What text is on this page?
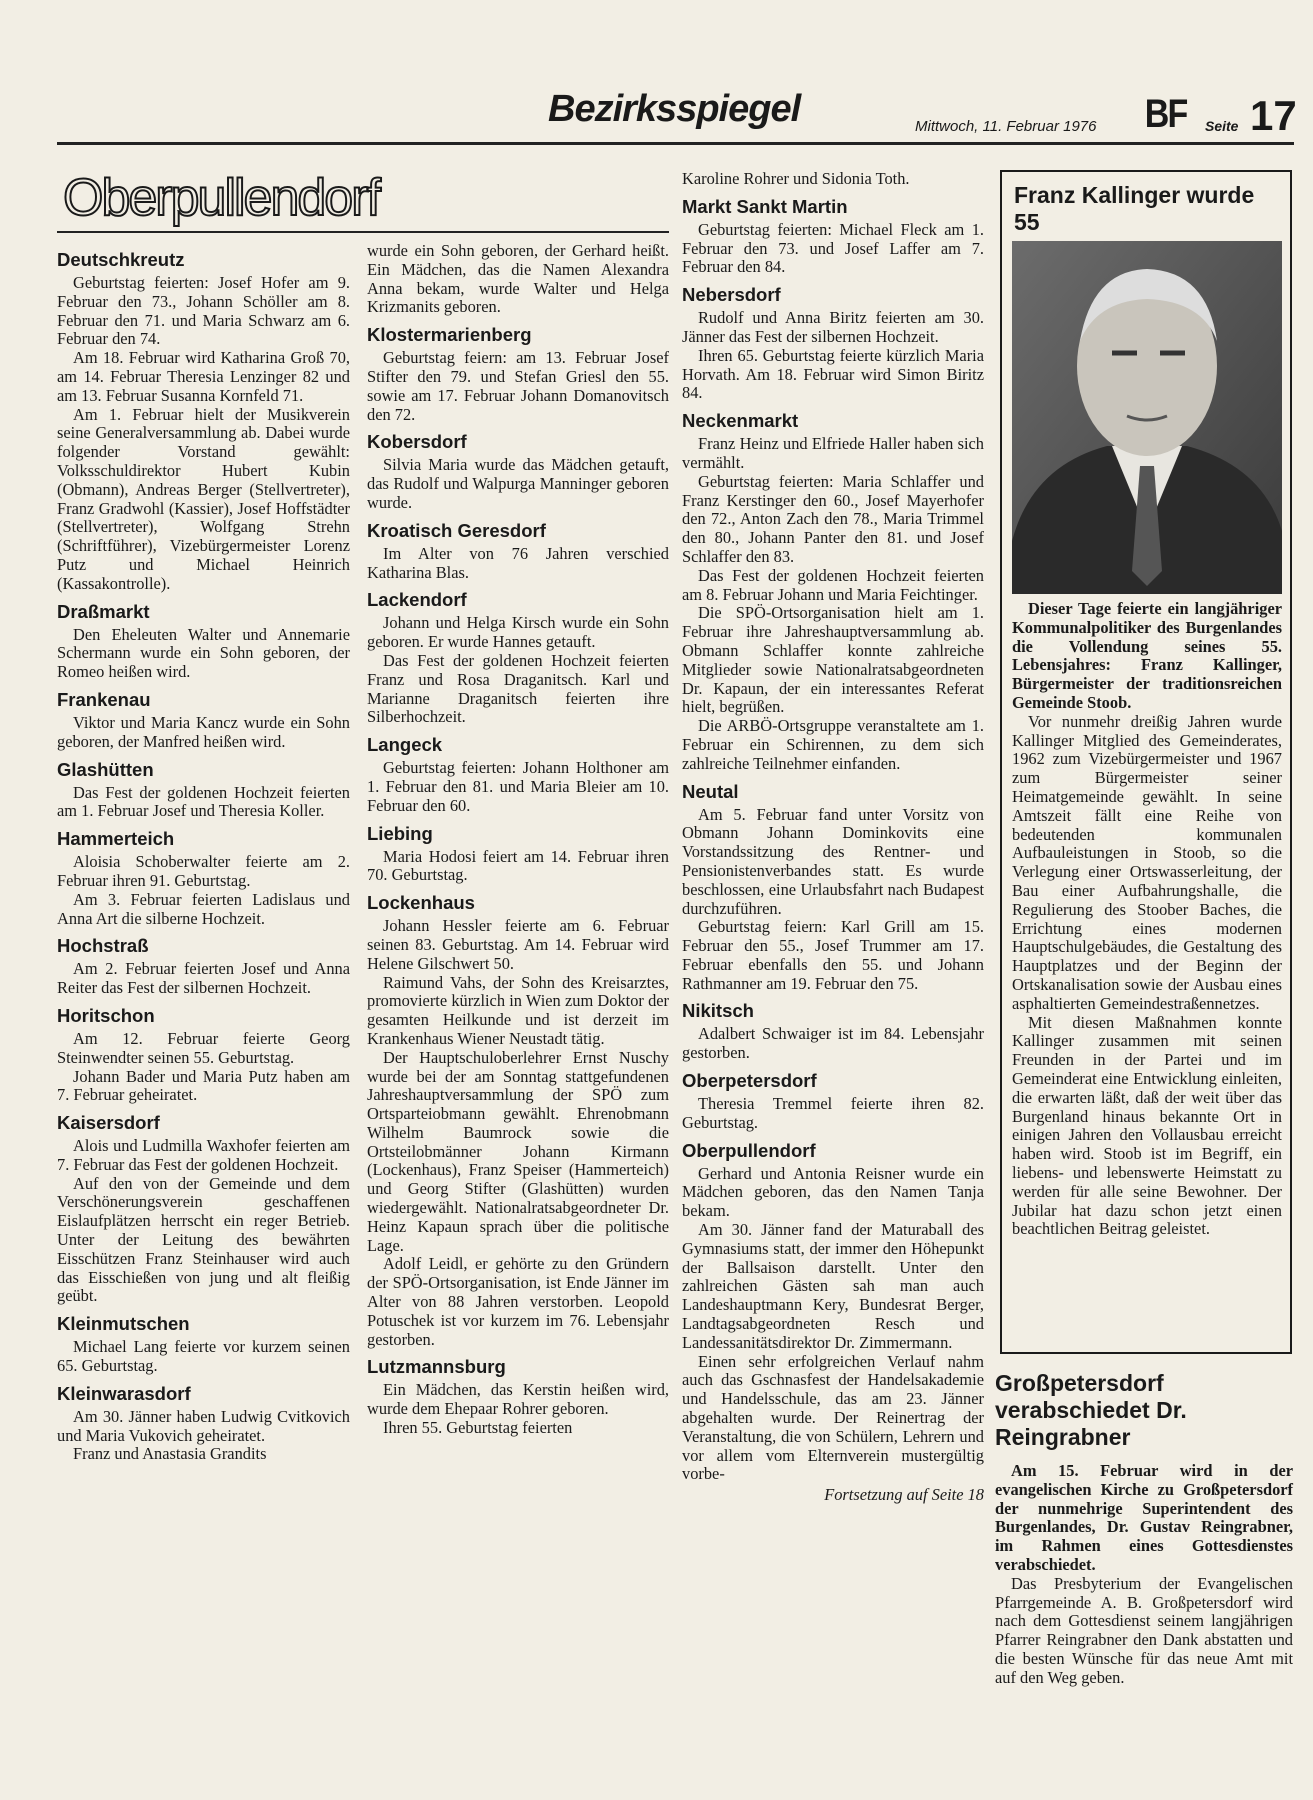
Bezirksspiegel	Mittwoch, 11. Februar 1976 BF Seite 17
Oberpullendorf
Deutschkreutz

Geburtstag feierten: Josef Hofer am 9. Februar den 73., Johann Schöller am 8. Februar den 71. und Maria Schwarz am 6. Februar den 74.

Am 18. Februar wird Katharina Groß 70, am 14. Februar Theresia Lenzinger 82 und am 13. Februar Susanna Kornfeld 71.

Am 1. Februar hielt der Musikverein seine Generalversammlung ab. Dabei wurde folgender Vorstand gewählt: Volksschuldirektor Hubert Kubin (Obmann), Andreas Berger (Stellvertreter), Franz Gradwohl (Kassier), Josef Hoffstädter (Stellvertreter), Wolfgang Strehn (Schriftführer), Vizebürgermeister Lorenz Putz und Michael Heinrich (Kassakontrolle).

Draßmarkt

Den Eheleuten Walter und Annemarie Schermann wurde ein Sohn geboren, der Romeo heißen wird.

Frankenau

Viktor und Maria Kancz wurde ein Sohn geboren, der Manfred heißen wird.

Glashütten

Das Fest der goldenen Hochzeit feierten am 1. Februar Josef und Theresia Koller.

Hammerteich

Aloisia Schoberwalter feierte am 2. Februar ihren 91. Geburtstag.

Am 3. Februar feierten Ladislaus und Anna Art die silberne Hochzeit.

Hochstraß

Am 2. Februar feierten Josef und Anna Reiter das Fest der silbernen Hochzeit.

Horitschon

Am 12. Februar feierte Georg Steinwendter seinen 55. Geburtstag.

Johann Bader und Maria Putz haben am 7. Februar geheiratet.

Kaisersdorf

Alois und Ludmilla Waxhofer feierten am 7. Februar das Fest der goldenen Hochzeit.

Auf den von der Gemeinde und dem Verschönerungsverein geschaffenen Eislaufplätzen herrscht ein reger Betrieb. Unter der Leitung des bewährten Eisschützen Franz Steinhauser wird auch das Eisschießen von jung und alt fleißig geübt.

Kleinmutschen

Michael Lang feierte vor kurzem seinen 65. Geburtstag.

Kleinwarasdorf

Am 30. Jänner haben Ludwig Cvitkovich und Maria Vukovich geheiratet.

Franz und Anastasia Grandits

wurde ein Sohn geboren, der Gerhard heißt. Ein Mädchen, das die Namen Alexandra Anna bekam, wurde Walter und Helga Krizmanits geboren.

Klostermarienberg

Geburtstag feiern: am 13. Februar Josef Stifter den 79. und Stefan Griesl den 55. sowie am 17. Februar Johann Domanovitsch den 72.

Kobersdorf

Silvia Maria wurde das Mädchen getauft, das Rudolf und Walpurga Manninger geboren wurde.

Kroatisch Geresdorf

Im Alter von 76 Jahren verschied Katharina Blas.

Lackendorf

Johann und Helga Kirsch wurde ein Sohn geboren. Er wurde Hannes getauft.

Das Fest der goldenen Hochzeit feierten Franz und Rosa Draganitsch. Karl und Marianne Draganitsch feierten ihre Silberhochzeit.

Langeck

Geburtstag feierten: Johann Holthoner am 1. Februar den 81. und Maria Bleier am 10. Februar den 60.

Liebing

Maria Hodosi feiert am 14. Februar ihren 70. Geburtstag.

Lockenhaus

Johann Hessler feierte am 6. Februar seinen 83. Geburtstag. Am 14. Februar wird Helene Gilschwert 50.

Raimund Vahs, der Sohn des Kreisarztes, promovierte kürzlich in Wien zum Doktor der gesamten Heilkunde und ist derzeit im Krankenhaus Wiener Neustadt tätig.

Der Hauptschuloberlehrer Ernst Nuschy wurde bei der am Sonntag stattgefundenen Jahreshauptversammlung der SPÖ zum Ortsparteiobmann gewählt. Ehrenobmann Wilhelm Baumrock sowie die Ortsteilobmänner Johann Kirmann (Lockenhaus), Franz Speiser (Hammerteich) und Georg Stifter (Glashütten) wurden wiedergewählt. Nationalratsabgeordneter Dr. Heinz Kapaun sprach über die politische Lage.

Adolf Leidl, er gehörte zu den Gründern der SPÖ-Ortsorganisation, ist Ende Jänner im Alter von 88 Jahren verstorben. Leopold Potuschek ist vor kurzem im 76. Lebensjahr gestorben.

Lutzmannsburg

Ein Mädchen, das Kerstin heißen wird, wurde dem Ehepaar Rohrer geboren.

Ihren 55. Geburtstag feierten

Karoline Rohrer und Sidonia Toth.

Markt Sankt Martin

Geburtstag feierten: Michael Fleck am 1. Februar den 73. und Josef Laffer am 7. Februar den 84.

Nebersdorf

Rudolf und Anna Biritz feierten am 30. Jänner das Fest der silbernen Hochzeit.

Ihren 65. Geburtstag feierte kürzlich Maria Horvath. Am 18. Februar wird Simon Biritz 84.

Neckenmarkt

Franz Heinz und Elfriede Haller haben sich vermählt.

Geburtstag feierten: Maria Schlaffer und Franz Kerstinger den 60., Josef Mayerhofer den 72., Anton Zach den 78., Maria Trimmel den 80., Johann Panter den 81. und Josef Schlaffer den 83.

Das Fest der goldenen Hochzeit feierten am 8. Februar Johann und Maria Feichtinger.

Die SPÖ-Ortsorganisation hielt am 1. Februar ihre Jahreshauptversammlung ab. Obmann Schlaffer konnte zahlreiche Mitglieder sowie Nationalratsabgeordneten Dr. Kapaun, der ein interessantes Referat hielt, begrüßen.

Die ARBÖ-Ortsgruppe veranstaltete am 1. Februar ein Schirennen, zu dem sich zahlreiche Teilnehmer einfanden.

Neutal

Am 5. Februar fand unter Vorsitz von Obmann Johann Dominkovits eine Vorstandssitzung des Rentner- und Pensionistenverbandes statt. Es wurde beschlossen, eine Urlaubsfahrt nach Budapest durchzuführen.

Geburtstag feiern: Karl Grill am 15. Februar den 55., Josef Trummer am 17. Februar ebenfalls den 55. und Johann Rathmanner am 19. Februar den 75.

Nikitsch

Adalbert Schwaiger ist im 84. Lebensjahr gestorben.

Oberpetersdorf

Theresia Tremmel feierte ihren 82. Geburtstag.

Oberpullendorf

Gerhard und Antonia Reisner wurde ein Mädchen geboren, das den Namen Tanja bekam.

Am 30. Jänner fand der Maturaball des Gymnasiums statt, der immer den Höhepunkt der Ballsaison darstellt. Unter den zahlreichen Gästen sah man auch Landeshauptmann Kery, Bundesrat Berger, Landtagsabgeordneten Resch und Landessanitätsdirektor Dr. Zimmermann.

Einen sehr erfolgreichen Verlauf nahm auch das Gschnasfest der Handelsakademie und Handelsschule, das am 23. Jänner abgehalten wurde. Der Reinertrag der Veranstaltung, die von Schülern, Lehrern und vor allem vom Elternverein mustergültig vorbe-

Fortsetzung auf Seite 18

Franz Kallinger wurde 55

Dieser Tage feierte ein langjähriger Kommunalpolitiker des Burgenlandes die Vollendung seines 55. Lebensjahres: Franz Kallinger, Bürgermeister der traditionsreichen Gemeinde Stoob.

Vor nunmehr dreißig Jahren wurde Kallinger Mitglied des Gemeinderates, 1962 zum Vizebürgermeister und 1967 zum Bürgermeister seiner Heimatgemeinde gewählt. In seine Amtszeit fällt eine Reihe von bedeutenden kommunalen Aufbauleistungen in Stoob, so die Verlegung einer Ortswasserleitung, der Bau einer Aufbahrungshalle, die Regulierung des Stoober Baches, die Errichtung eines modernen Hauptschulgebäudes, die Gestaltung des Hauptplatzes und der Beginn der Ortskanalisation sowie der Ausbau eines asphaltierten Gemeindestraßennetzes.

Mit diesen Maßnahmen konnte Kallinger zusammen mit seinen Freunden in der Partei und im Gemeinderat eine Entwicklung einleiten, die erwarten läßt, daß der weit über das Burgenland hinaus bekannte Ort in einigen Jahren den Vollausbau erreicht haben wird. Stoob ist im Begriff, ein liebens- und lebenswerte Heimstatt zu werden für alle seine Bewohner. Der Jubilar hat dazu schon jetzt einen beachtlichen Beitrag geleistet.

Großpetersdorf verabschiedet Dr. Reingrabner

Am 15. Februar wird in der evangelischen Kirche zu Großpetersdorf der nunmehrige Superintendent des Burgenlandes, Dr. Gustav Reingrabner, im Rahmen eines Gottesdienstes verabschiedet.

Das Presbyterium der Evangelischen Pfarrgemeinde A. B. Großpetersdorf wird nach dem Gottesdienst seinem langjährigen Pfarrer Reingrabner den Dank abstatten und die besten Wünsche für das neue Amt mit auf den Weg geben.
